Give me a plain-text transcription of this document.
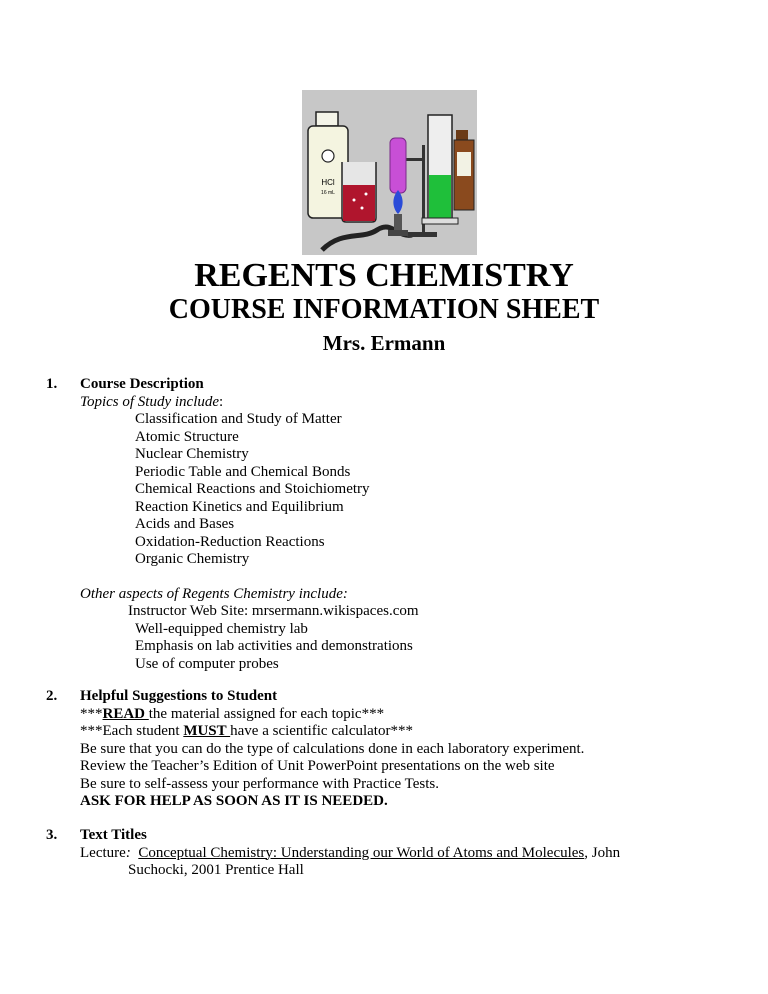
HCl
16 mL
REGENTS CHEMISTRY
COURSE INFORMATION SHEET
Mrs. Ermann
1. Course Description
Topics of Study include:
Classification and Study of Matter
Atomic Structure
Nuclear Chemistry
Periodic Table and Chemical Bonds
Chemical Reactions and Stoichiometry
Reaction Kinetics and Equilibrium
Acids and Bases
Oxidation-Reduction Reactions
Organic Chemistry
Other aspects of Regents Chemistry include:
Instructor Web Site: mrsermann.wikispaces.com
Well-equipped chemistry lab
Emphasis on lab activities and demonstrations
Use of computer probes
2. Helpful Suggestions to Student
***READ the material assigned for each topic***
***Each student MUST have a scientific calculator***
Be sure that you can do the type of calculations done in each laboratory experiment.
Review the Teacher’s Edition of Unit PowerPoint presentations on the web site
Be sure to self-assess your performance with Practice Tests.
ASK FOR HELP AS SOON AS IT IS NEEDED.
3. Text Titles
Lecture: Conceptual Chemistry: Understanding our World of Atoms and Molecules, John
Suchocki, 2001 Prentice Hall
